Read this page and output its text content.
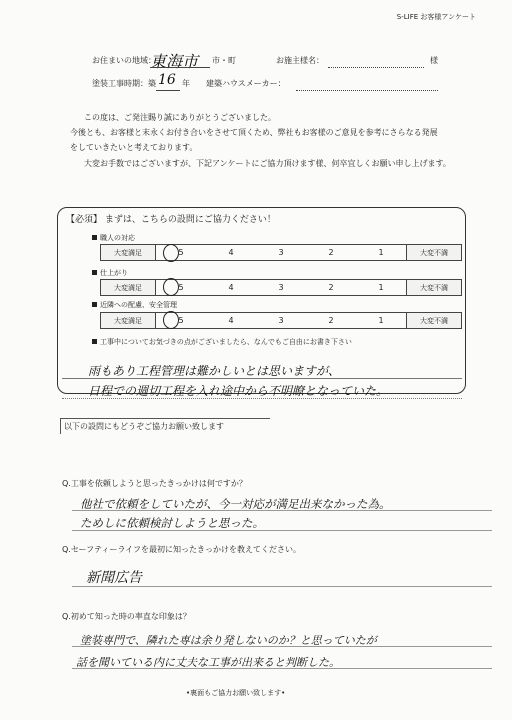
S-LIFE お客様アンケート
お住まいの地域：
東海市 市・町	お施主様名：	様
塗装工事時期：築 16 年 建築ハウスメーカー：
この度は、ご発注賜り誠にありがとうございました。
今後とも、お客様と末永くお付き合いをさせて頂くため、弊社もお客様のご意見を参考にさらなる発展
をしていきたいと考えております。
大変お手数ではございますが、下記アンケートにご協力頂けます様、何卒宜しくお願い申し上げます。
【必須】 まずは、こちらの設問にご協力ください！
職人の対応
大変満足	5	4	3	2	1	大変不満
仕上がり
大変満足	5	4	3	2	1	大変不満
近隣への配慮、安全管理
大変満足	5	4	3	2	1	大変不満
工事中についてお気づきの点がございましたら、なんでもご自由にお書き下さい
雨もあり工程管理は難かしいとは思いますが、
日程での週切工程を入れ途中から不明瞭となっていた。
以下の設問にもどうぞご協力お願い致します
Q.工事を依頼しようと思ったきっかけは何ですか？
他社で依頼をしていたが、今一対応が満足出来なかった為。
ためしに依頼検討しようと思った。
Q.セーフティーライフを最初に知ったきっかけを教えてください。
新聞広告
Q.初めて知った時の率直な印象は？
塗装専門で、隣れた専は余り発しないのか？と思っていたが
話を聞いている内に丈夫な工事が出来ると判断した。
•裏面もご協力お願い致します•
